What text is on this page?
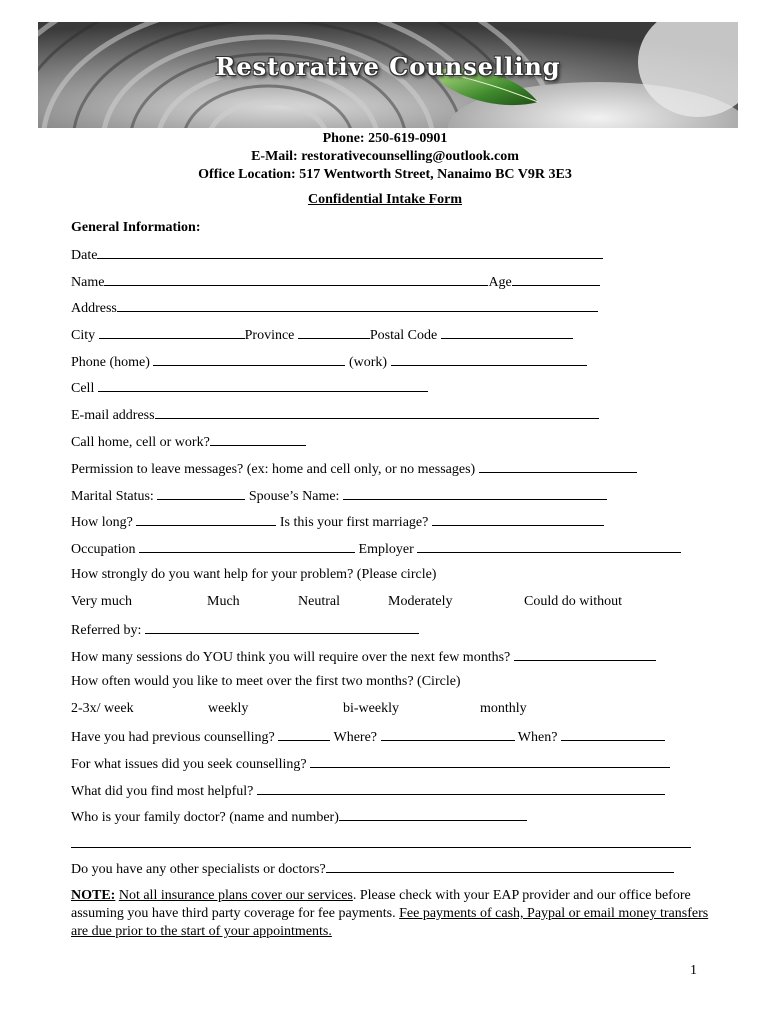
Restorative Counselling
Phone: 250-619-0901
E-Mail: restorativecounselling@outlook.com
Office Location: 517 Wentworth Street, Nanaimo BC V9R 3E3
Confidential Intake Form
General Information:
Date
Name	Age
Address
City	Province	Postal Code
Phone (home)	(work)
Cell
E-mail address
Call home, cell or work?
Permission to leave messages? (ex: home and cell only, or no messages)
Marital Status:	Spouse’s Name:
How long?	Is this your first marriage?
Occupation	Employer
How strongly do you want help for your problem? (Please circle)
Very much	Much	Neutral	Moderately	Could do without
Referred by:
How many sessions do YOU think you will require over the next few months?
How often would you like to meet over the first two months? (Circle)
2-3x/ week	weekly	bi-weekly	monthly
Have you had previous counselling?	Where?	When?
For what issues did you seek counselling?
What did you find most helpful?
Who is your family doctor? (name and number)
Do you have any other specialists or doctors?
NOTE: Not all insurance plans cover our services. Please check with your EAP provider and our office before assuming you have third party coverage for fee payments. Fee payments of cash, Paypal or email money transfers are due prior to the start of your appointments.
1
